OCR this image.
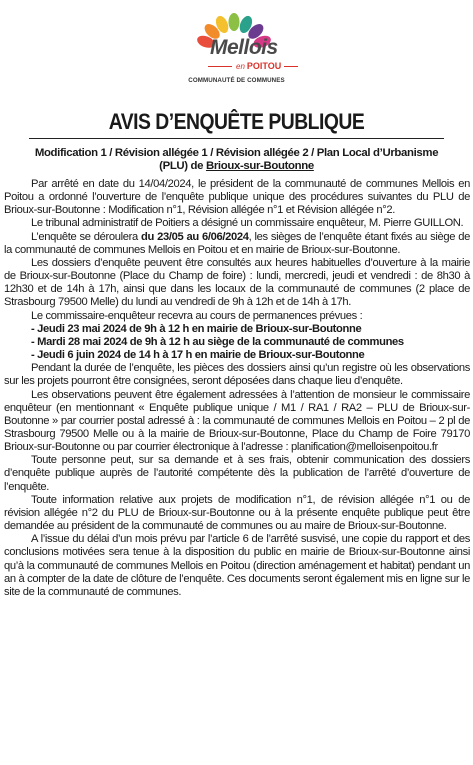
Mellois
en POITOU
COMMUNAUTÉ DE COMMUNES
AVIS D’ENQUÊTE PUBLIQUE
Modification 1 / Révision allégée 1 / Révision allégée 2 / Plan Local d’Urbanisme
(PLU) de Brioux-sur-Boutonne

Par arrêté en date du 14/04/2024, le président de la communauté de communes Mellois en Poitou a ordonné l’ouverture de l’enquête publique unique des procédures suivantes du PLU de Brioux-sur-Boutonne : Modification n°1, Révision allégée n°1 et Révision allégée n°2.

Le tribunal administratif de Poitiers a désigné un commissaire enquêteur, M. Pierre GUILLON.

L’enquête se déroulera du 23/05 au 6/06/2024, les sièges de l’enquête étant fixés au siège de la communauté de communes Mellois en Poitou et en mairie de Brioux-sur-Boutonne.

Les dossiers d’enquête peuvent être consultés aux heures habituelles d’ouverture à la mairie de Brioux-sur-Boutonne (Place du Champ de foire) : lundi, mercredi, jeudi et vendredi : de 8h30 à 12h30 et de 14h à 17h, ainsi que dans les locaux de la communauté de communes (2 place de Strasbourg 79500 Melle) du lundi au vendredi de 9h à 12h et de 14h à 17h.

Le commissaire-enquêteur recevra au cours de permanences prévues :

- Jeudi 23 mai 2024 de 9h à 12 h en mairie de Brioux-sur-Boutonne
- Mardi 28 mai 2024 de 9h à 12 h au siège de la communauté de communes
- Jeudi 6 juin 2024 de 14 h à 17 h en mairie de Brioux-sur-Boutonne

Pendant la durée de l’enquête, les pièces des dossiers ainsi qu’un registre où les observations sur les projets pourront être consignées, seront déposées dans chaque lieu d’enquête.

Les observations peuvent être également adressées à l’attention de monsieur le commissaire enquêteur (en mentionnant « Enquête publique unique / M1 / RA1 / RA2 – PLU de Brioux-sur-Boutonne » par courrier postal adressé à : la communauté de communes Mellois en Poitou – 2 pl de Strasbourg 79500 Melle ou à la mairie de Brioux-sur-Boutonne, Place du Champ de Foire 79170 Brioux-sur-Boutonne ou par courrier électronique à l’adresse : planification@melloisenpoitou.fr

Toute personne peut, sur sa demande et à ses frais, obtenir communication des dossiers d’enquête publique auprès de l’autorité compétente dès la publication de l’arrêté d’ouverture de l’enquête.

Toute information relative aux projets de modification n°1, de révision allégée n°1 ou de révision allégée n°2 du PLU de Brioux-sur-Boutonne ou à la présente enquête publique peut être demandée au président de la communauté de communes ou au maire de Brioux-sur-Boutonne.

A l’issue du délai d’un mois prévu par l’article 6 de l’arrêté susvisé, une copie du rapport et des conclusions motivées sera tenue à la disposition du public en mairie de Brioux-sur-Boutonne ainsi qu’à la communauté de communes Mellois en Poitou (direction aménagement et habitat) pendant un an à compter de la date de clôture de l’enquête. Ces documents seront également mis en ligne sur le site de la communauté de communes.
